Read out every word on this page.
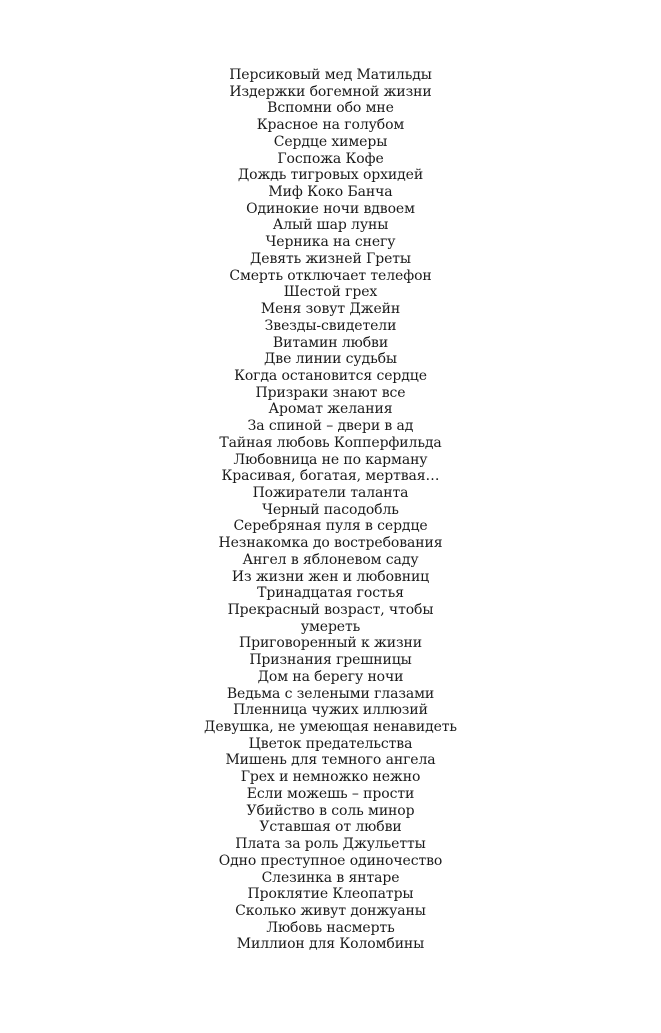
Персиковый мед Матильды
Издержки богемной жизни
Вспомни обо мне
Красное на голубом
Сердце химеры
Госпожа Кофе
Дождь тигровых орхидей
Миф Коко Банча
Одинокие ночи вдвоем
Алый шар луны
Черника на снегу
Девять жизней Греты
Смерть отключает телефон
Шестой грех
Меня зовут Джейн
Звезды-свидетели
Витамин любви
Две линии судьбы
Когда остановится сердце
Призраки знают все
Аромат желания
За спиной – двери в ад
Тайная любовь Копперфильда
Любовница не по карману
Красивая, богатая, мертвая…
Пожиратели таланта
Черный пасодобль
Серебряная пуля в сердце
Незнакомка до востребования
Ангел в яблоневом саду
Из жизни жен и любовниц
Тринадцатая гостья
Прекрасный возраст, чтобы
умереть
Приговоренный к жизни
Признания грешницы
Дом на берегу ночи
Ведьма с зелеными глазами
Пленница чужих иллюзий
Девушка, не умеющая ненавидеть
Цветок предательства
Мишень для темного ангела
Грех и немножко нежно
Если можешь – прости
Убийство в соль минор
Уставшая от любви
Плата за роль Джульетты
Одно преступное одиночество
Слезинка в янтаре
Проклятие Клеопатры
Сколько живут донжуаны
Любовь насмерть
Миллион для Коломбины
